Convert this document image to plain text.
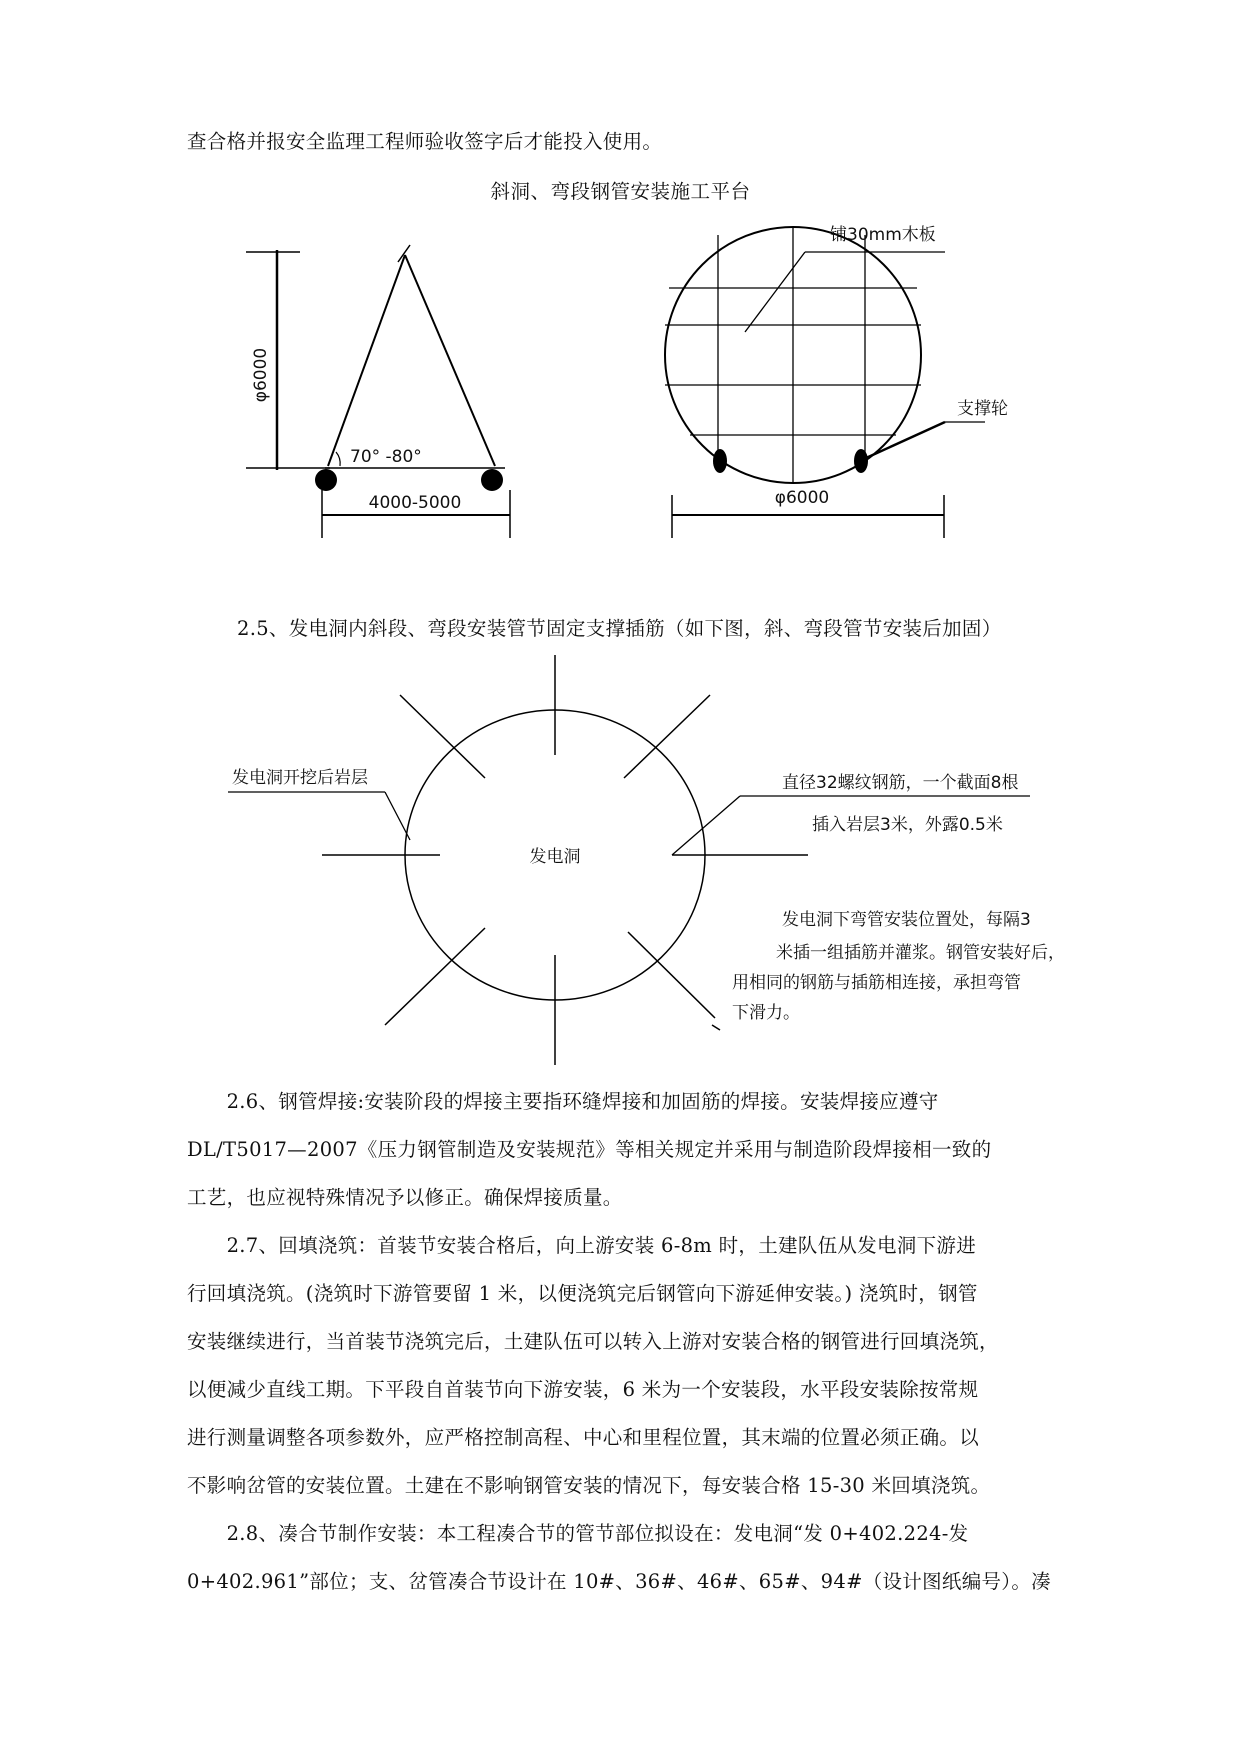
查合格并报安全监理工程师验收签字后才能投入使用。
斜洞、弯段钢管安装施工平台
φ6000
70° -80°
4000-5000
铺30mm木板
支撑轮
φ6000
2.5、发电洞内斜段、弯段安装管节固定支撑插筋（如下图，斜、弯段管节安装后加固）
发电洞开挖后岩层
发电洞
直径32螺纹钢筋，一个截面8根
插入岩层3米，外露0.5米
发电洞下弯管安装位置处，每隔3
米插一组插筋并灌浆。钢管安装好后，
用相同的钢筋与插筋相连接，承担弯管
下滑力。
　　2.6、钢管焊接:安装阶段的焊接主要指环缝焊接和加固筋的焊接。安装焊接应遵守
DL/T5017—2007《压力钢管制造及安装规范》等相关规定并采用与制造阶段焊接相一致的
工艺，也应视特殊情况予以修正。确保焊接质量。
　　2.7、回填浇筑：首装节安装合格后，向上游安装 6-8m 时，土建队伍从发电洞下游进
行回填浇筑。(浇筑时下游管要留 1 米，以便浇筑完后钢管向下游延伸安装。) 浇筑时，钢管
安装继续进行，当首装节浇筑完后，土建队伍可以转入上游对安装合格的钢管进行回填浇筑，
以便减少直线工期。下平段自首装节向下游安装，6 米为一个安装段，水平段安装除按常规
进行测量调整各项参数外，应严格控制高程、中心和里程位置，其末端的位置必须正确。以
不影响岔管的安装位置。土建在不影响钢管安装的情况下，每安装合格 15-30 米回填浇筑。
　　2.8、凑合节制作安装：本工程凑合节的管节部位拟设在：发电洞“发 0+402.224-发
0+402.961”部位；支、岔管凑合节设计在 10#、36#、46#、65#、94#（设计图纸编号）。凑
